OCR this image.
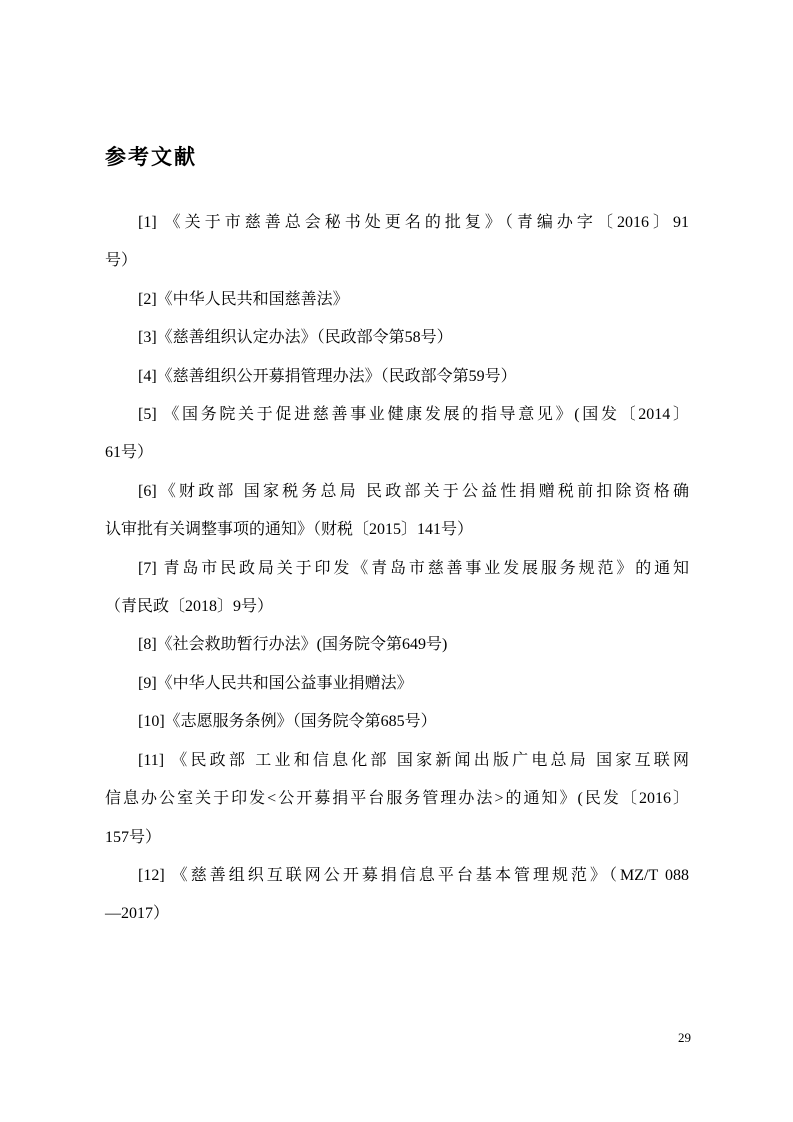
参考文献
[1] 《关于市慈善总会秘书处更名的批复》（青编办字〔2016〕91
号）
[2]《中华人民共和国慈善法》
[3]《慈善组织认定办法》（民政部令第58号）
[4]《慈善组织公开募捐管理办法》（民政部令第59号）
[5] 《国务院关于促进慈善事业健康发展的指导意见》(国发〔2014〕
61号）
[6]《财政部 国家税务总局 民政部关于公益性捐赠税前扣除资格确
认审批有关调整事项的通知》（财税〔2015〕141号）
[7] 青岛市民政局关于印发《青岛市慈善事业发展服务规范》的通知
（青民政〔2018〕9号）
[8]《社会救助暂行办法》(国务院令第649号)
[9]《中华人民共和国公益事业捐赠法》
[10]《志愿服务条例》（国务院令第685号）
[11] 《民政部 工业和信息化部 国家新闻出版广电总局 国家互联网
信息办公室关于印发<公开募捐平台服务管理办法>的通知》(民发〔2016〕
157号）
[12] 《慈善组织互联网公开募捐信息平台基本管理规范》（MZ/T 088
—2017）
29
